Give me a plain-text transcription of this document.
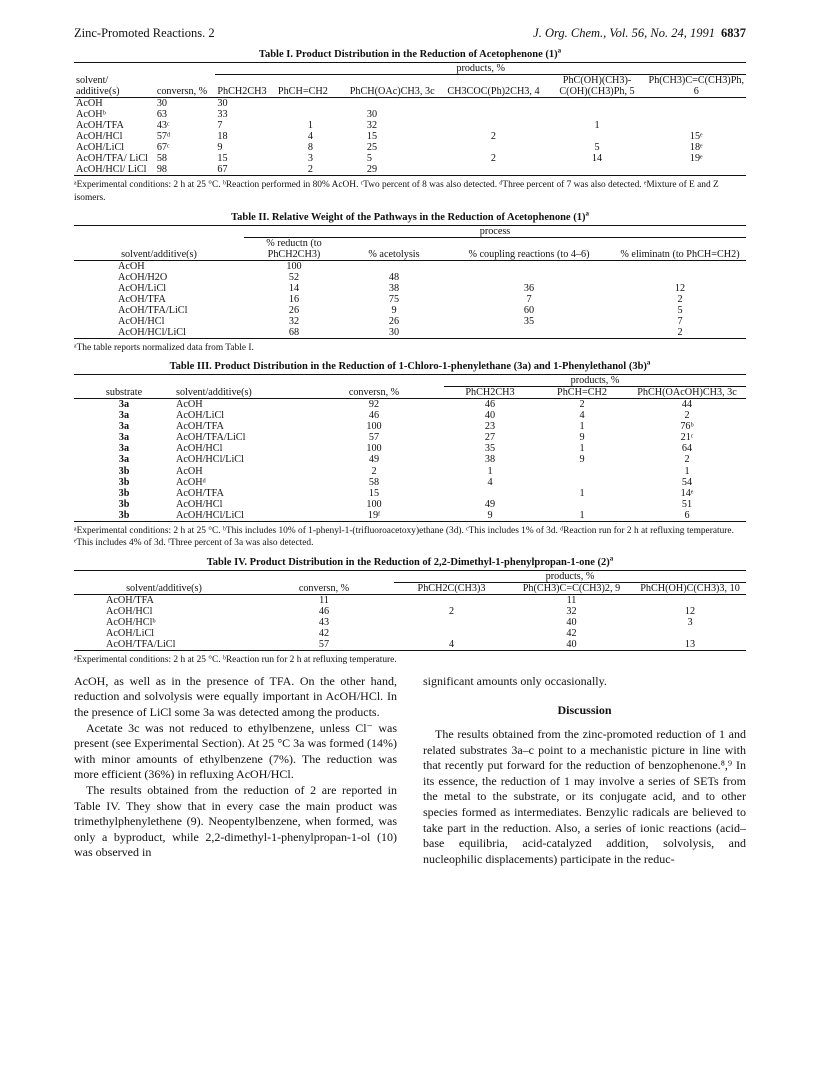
Zinc-Promoted Reactions. 2	J. Org. Chem., Vol. 56, No. 24, 1991 6837
Table I. Product Distribution in the Reduction of Acetophenone $(1)^a$
		products, %					
solvent/ additive(s)	conversn, %	PhCH2CH3	PhCH=CH2	PhCH(OAc)CH3, 3c	CH3COC(Ph)2CH3, 4	PhC(OH)(CH3)-C(OH)(CH3)Ph, 5	Ph(CH3)C=C(CH3)Ph, 6
AcOH	30	30					
AcOHᵇ	63	33		30			
AcOH/TFA	43ᶜ	7	1	32		1	
AcOH/HCl	57ᵈ	18	4	15	2		15ᵉ
AcOH/LiCl	67ᶜ	9	8	25		5	18ᵉ
AcOH/TFA/ LiCl	58	15	3	5	2	14	19ᵉ
AcOH/HCl/ LiCl	98	67	2	29			
ᵃExperimental conditions: 2 h at 25 °C. ᵇReaction performed in 80% AcOH. ᶜTwo percent of 8 was also detected. ᵈThree percent of 7 was also detected. ᵉMixture of E and Z isomers.
Table II. Relative Weight of the Pathways in the Reduction of Acetophenone $(1)^a$
	process			
solvent/additive(s)	% reductn (to PhCH2CH3)	% acetolysis	% coupling reactions (to 4–6)	% eliminatn (to PhCH=CH2)
AcOH	100			
AcOH/H2O	52	48		
AcOH/LiCl	14	38	36	12
AcOH/TFA	16	75	7	2
AcOH/TFA/LiCl	26	9	60	5
AcOH/HCl	32	26	35	7
AcOH/HCl/LiCl	68	30		2
ᵃThe table reports normalized data from Table I.
Table III. Product Distribution in the Reduction of 1-Chloro-1-phenylethane (3a) and 1-Phenylethanol $(3b)^a$
			products, %		
substrate	solvent/additive(s)	conversn, %	PhCH2CH3	PhCH=CH2	PhCH(OAcOH)CH3, 3c
3a	AcOH	92	46	2	44
3a	AcOH/LiCl	46	40	4	2
3a	AcOH/TFA	100	23	1	76ᵇ
3a	AcOH/TFA/LiCl	57	27	9	21ᶜ
3a	AcOH/HCl	100	35	1	64
3a	AcOH/HCl/LiCl	49	38	9	2
3b	AcOH	2	1		1
3b	AcOHᵈ	58	4		54
3b	AcOH/TFA	15		1	14ᵉ
3b	AcOH/HCl	100	49		51
3b	AcOH/HCl/LiCl	19ᶠ	9	1	6
ᵃExperimental conditions: 2 h at 25 °C. ᵇThis includes 10% of 1-phenyl-1-(trifluoroacetoxy)ethane (3d). ᶜThis includes 1% of 3d. ᵈReaction run for 2 h at refluxing temperature. ᵉThis includes 4% of 3d. ᶠThree percent of 3a was also detected.
Table IV. Product Distribution in the Reduction of 2,2-Dimethyl-1-phenylpropan-1-one $(2)^a$
		products, %		
solvent/additive(s)	conversn, %	PhCH2C(CH3)3	Ph(CH3)C=C(CH3)2, 9	PhCH(OH)C(CH3)3, 10
AcOH/TFA	11		11	
AcOH/HCl	46	2	32	12
AcOH/HClᵇ	43		40	3
AcOH/LiCl	42		42	
AcOH/TFA/LiCl	57	4	40	13
ᵃExperimental conditions: 2 h at 25 °C. ᵇReaction run for 2 h at refluxing temperature.

AcOH, as well as in the presence of TFA. On the other hand, reduction and solvolysis were equally important in AcOH/HCl. In the presence of LiCl some 3a was detected among the products.

Acetate 3c was not reduced to ethylbenzene, unless Cl⁻ was present (see Experimental Section). At 25 °C 3a was formed (14%) with minor amounts of ethylbenzene (7%). The reduction was more efficient (36%) in refluxing AcOH/HCl.

The results obtained from the reduction of 2 are reported in Table IV. They show that in every case the main product was trimethylphenylethene (9). Neopentylbenzene, when formed, was only a byproduct, while 2,2-dimethyl-1-phenylpropan-1-ol (10) was observed in

significant amounts only occasionally.

Discussion

The results obtained from the zinc-promoted reduction of 1 and related substrates 3a–c point to a mechanistic picture in line with that recently put forward for the reduction of benzophenone.⁸,⁹ In its essence, the reduction of 1 may involve a series of SETs from the metal to the substrate, or its conjugate acid, and to other species formed as intermediates. Benzylic radicals are believed to take part in the reduction. Also, a series of ionic reactions (acid–base equilibria, acid-catalyzed addition, solvolysis, and nucleophilic displacements) participate in the reduc-
